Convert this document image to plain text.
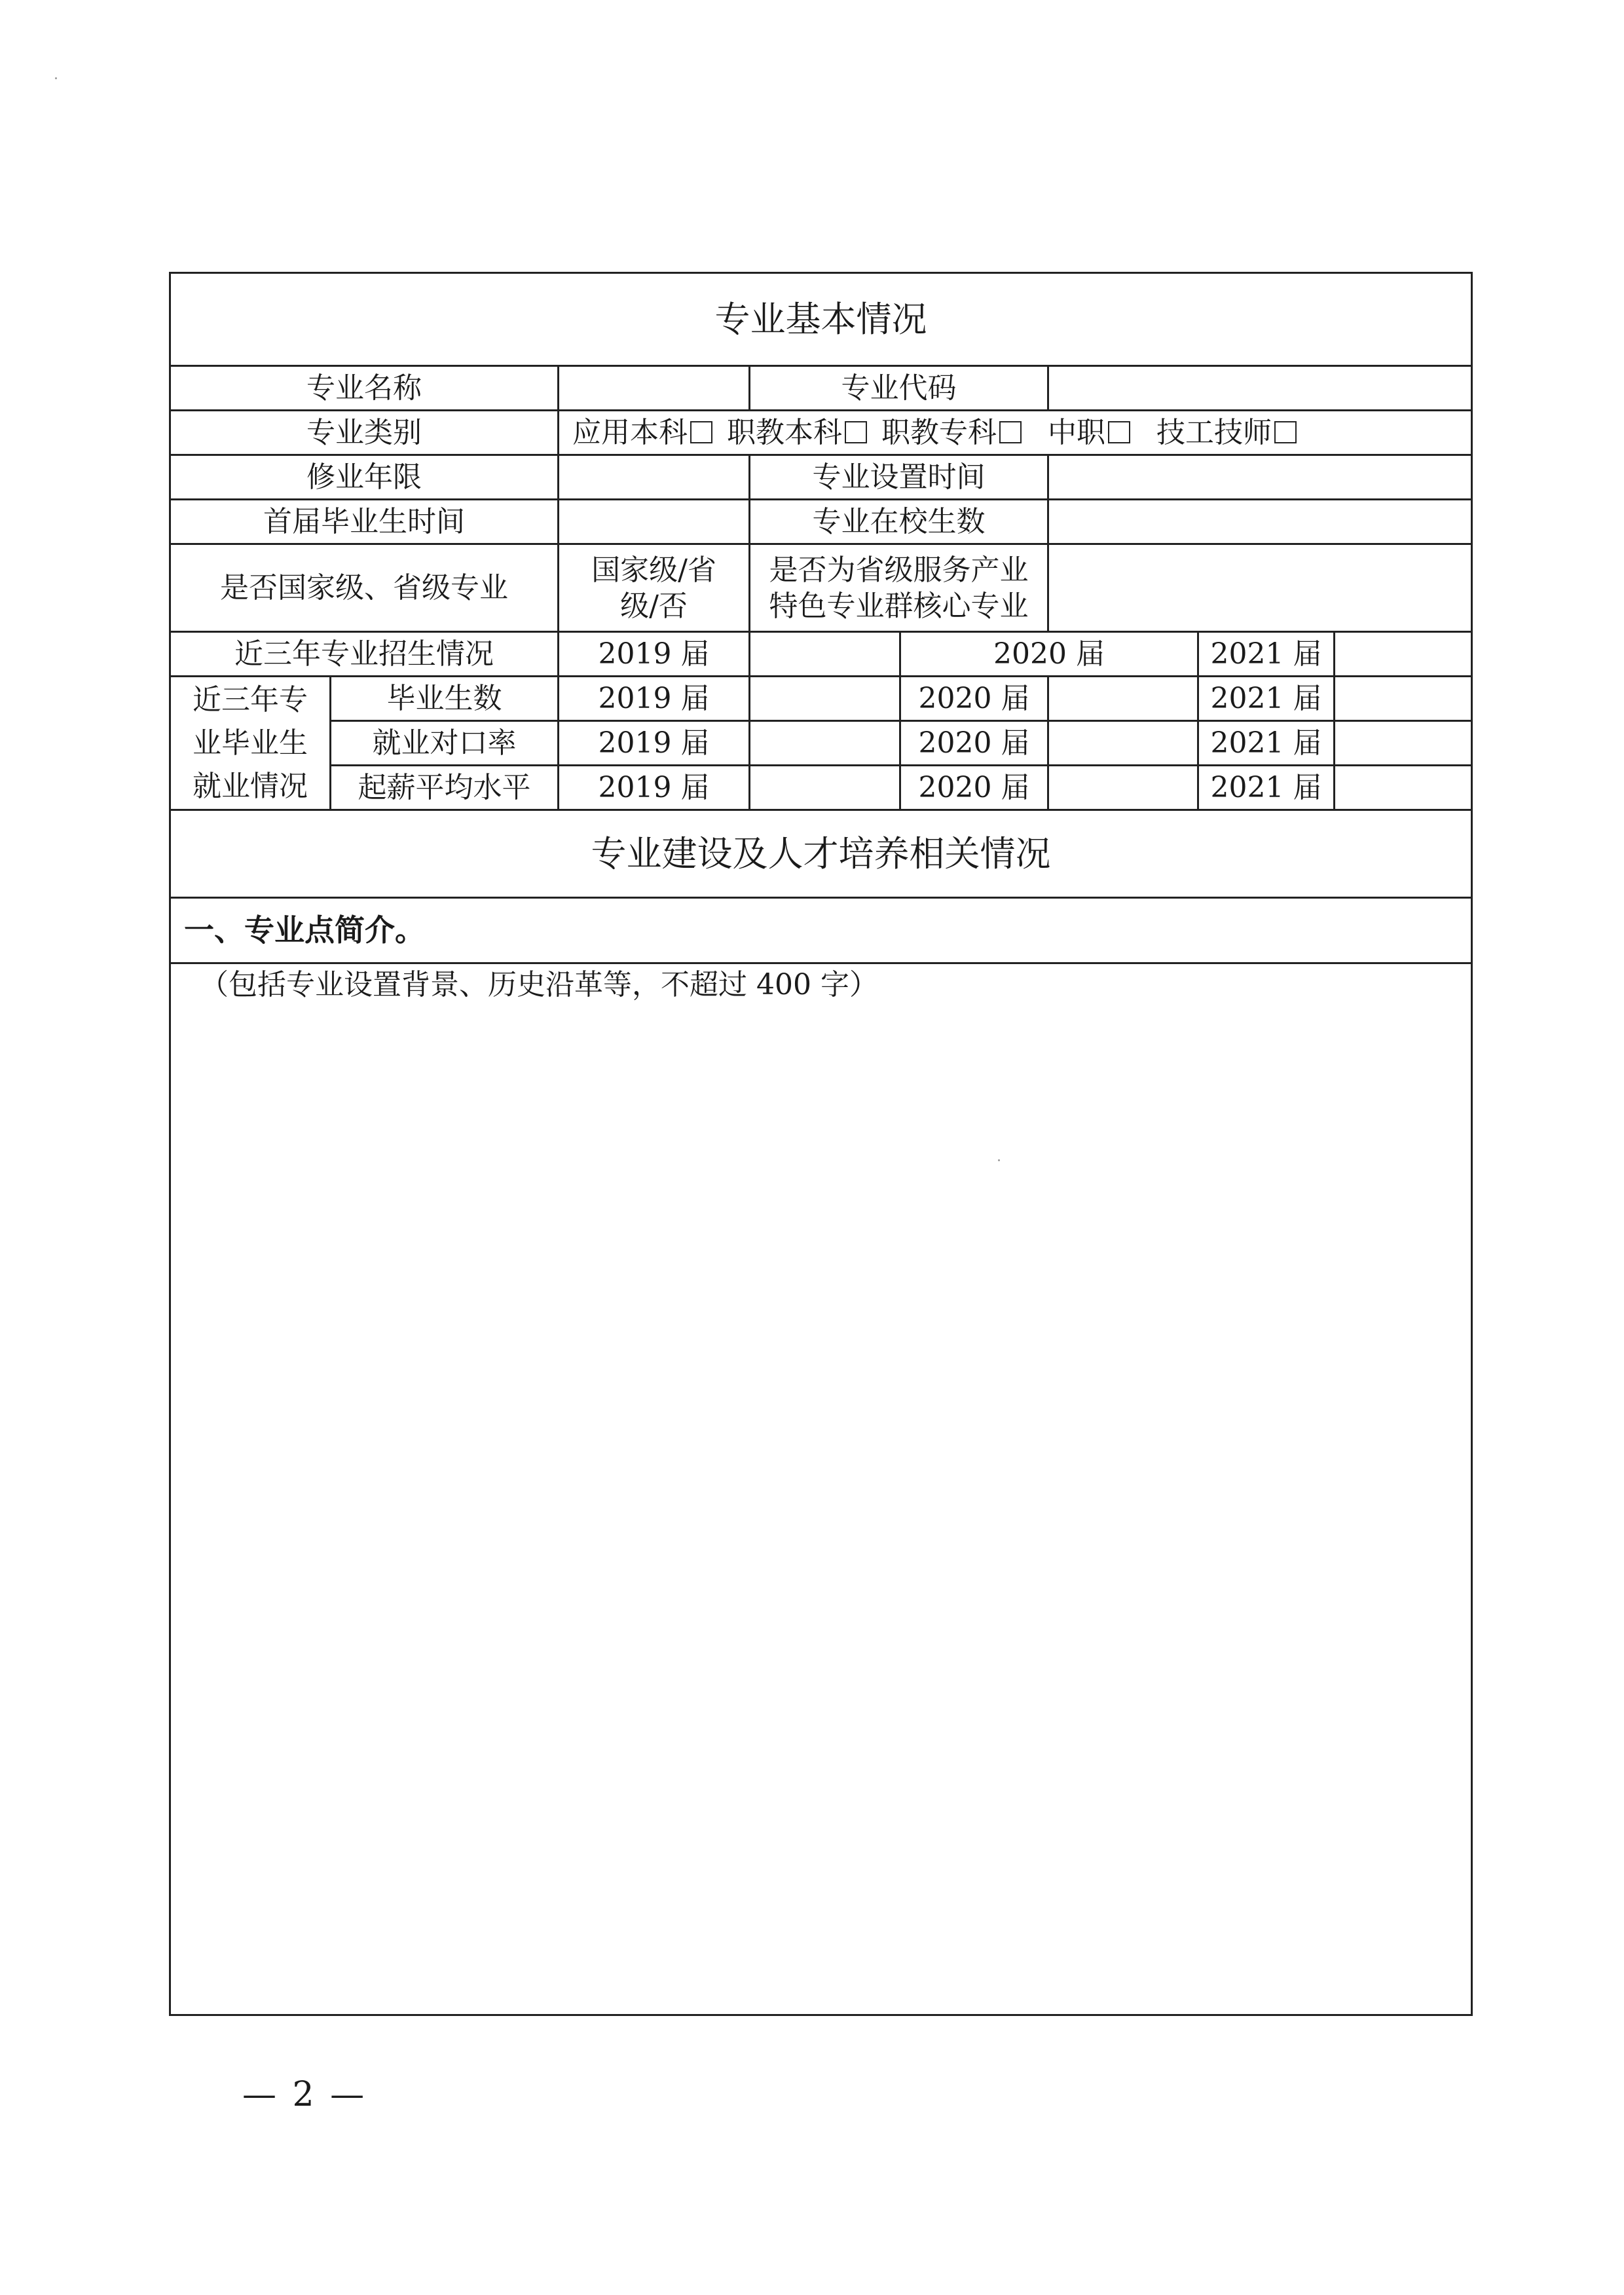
专业基本情况							
专业名称			专业代码				
专业类别		应用本科 职教本科 职教专科 中职 技工技师					
修业年限			专业设置时间				
首届毕业生时间			专业在校生数				
是否国家级、省级专业		国家级/省级/否	是否为省级服务产业特色专业群核心专业				
近三年专业招生情况		2019 届		2020 届		2021 届	
近三年专业毕业生就业情况	毕业生数	2019 届		2020 届		2021 届	
	就业对口率	2019 届		2020 届		2021 届	
	起薪平均水平	2019 届		2020 届		2021 届	
专业建设及人才培养相关情况							
一、专业点简介。							
（包括专业设置背景、历史沿革等，不超过 400 字）							
— 2 —
